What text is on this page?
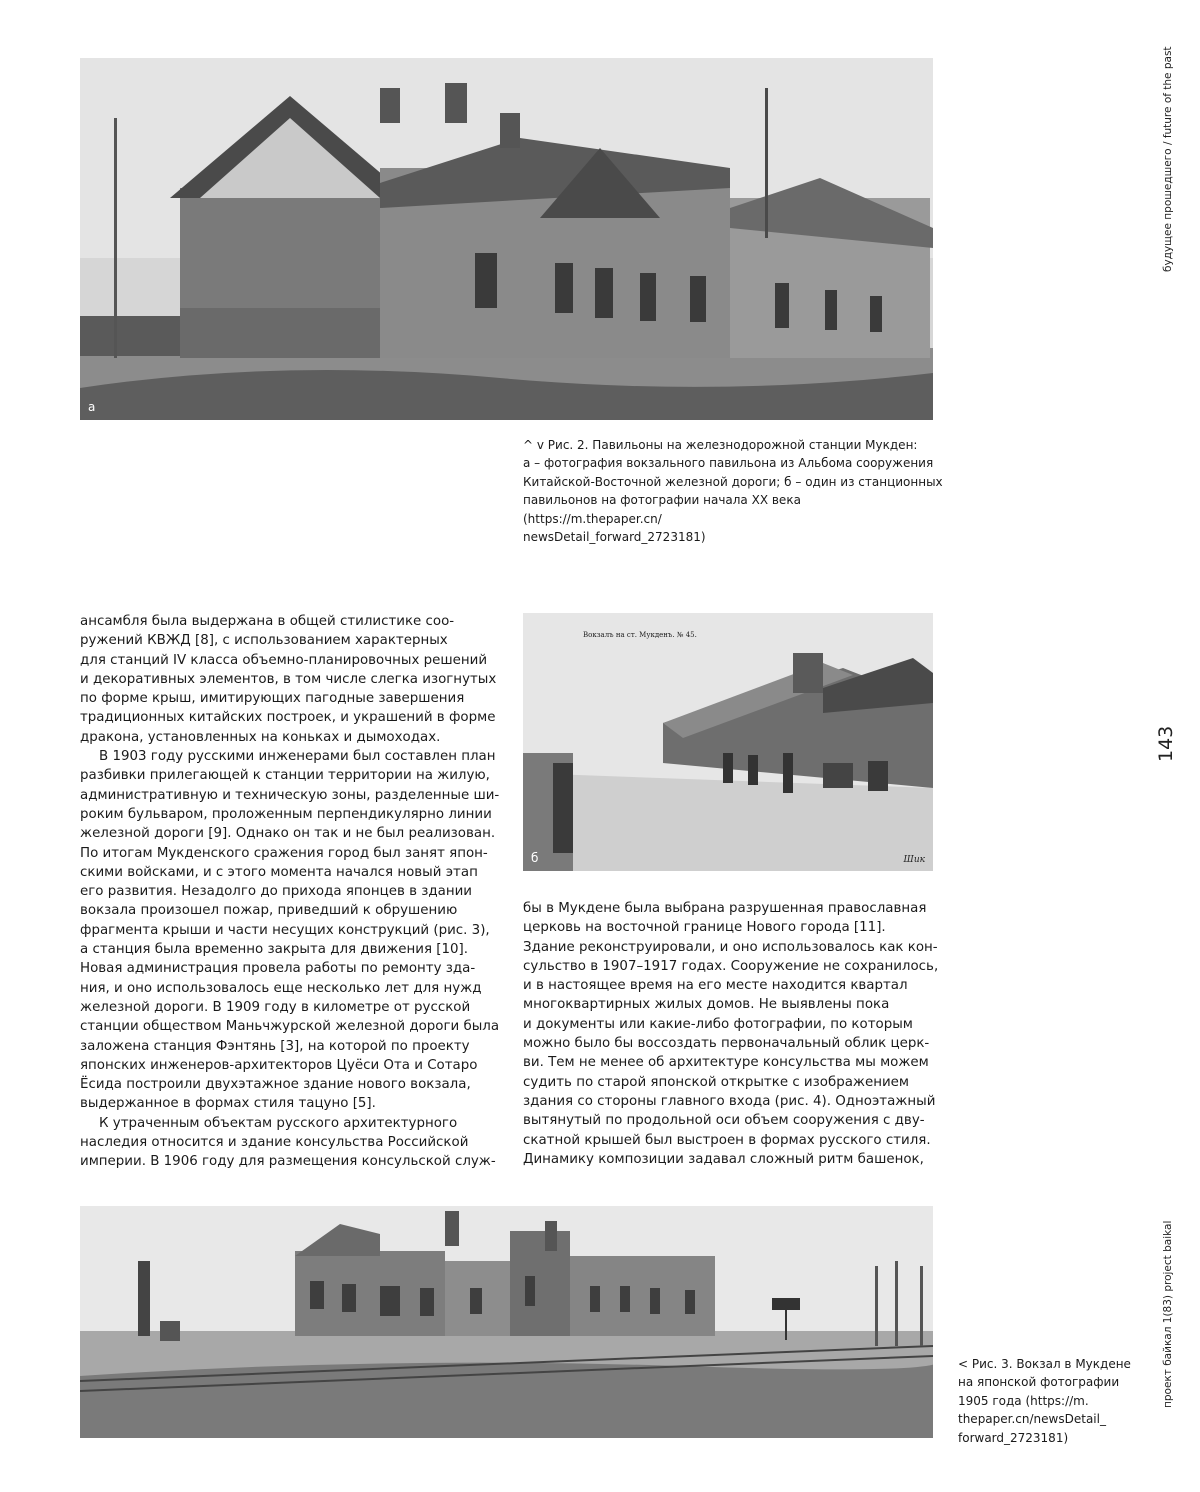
а

^ v Рис. 2. Павильоны на железнодорожной станции Мукден:

а – фотография вокзального павильона из Альбома сооружения

Китайской-Восточной железной дороги; б – один из станционных

павильонов на фотографии начала ХХ века (https://m.thepaper.cn/

newsDetail_forward_2723181)

будущее прошедшего / future of the past
143
проект байкал 1(83) project baikal

ансамбля была выдержана в общей стилистике соо-

ружений КВЖД [8], с использованием характерных

для станций IV класса объемно-планировочных решений

и декоративных элементов, в том числе слегка изогнутых

по форме крыш, имитирующих пагодные завершения

традиционных китайских построек, и украшений в форме

дракона, установленных на коньках и дымоходах.

В 1903 году русскими инженерами был составлен план

разбивки прилегающей к станции территории на жилую,

административную и техническую зоны, разделенные ши-

роким бульваром, проложенным перпендикулярно линии

железной дороги [9]. Однако он так и не был реализован.

По итогам Мукденского сражения город был занят япон-

скими войсками, и с этого момента начался новый этап

его развития. Незадолго до прихода японцев в здании

вокзала произошел пожар, приведший к обрушению

фрагмента крыши и части несущих конструкций (рис. 3),

а станция была временно закрыта для движения [10].

Новая администрация провела работы по ремонту зда-

ния, и оно использовалось еще несколько лет для нужд

железной дороги. В 1909 году в километре от русской

станции обществом Маньчжурской железной дороги была

заложена станция Фэнтянь [3], на которой по проекту

японских инженеров-архитекторов Цуёси Ота и Сотаро

Ёсида построили двухэтажное здание нового вокзала,

выдержанное в формах стиля тацуно [5].

К утраченным объектам русского архитектурного

наследия относится и здание консульства Российской

империи. В 1906 году для размещения консульской служ-

Вокзалъ на ст. Мукденъ. № 45.
б	Шик

бы в Мукдене была выбрана разрушенная православная

церковь на восточной границе Нового города [11].

Здание реконструировали, и оно использовалось как кон-

сульство в 1907–1917 годах. Сооружение не сохранилось,

и в настоящее время на его месте находится квартал

многоквартирных жилых домов. Не выявлены пока

и документы или какие-либо фотографии, по которым

можно было бы воссоздать первоначальный облик церк-

ви. Тем не менее об архитектуре консульства мы можем

судить по старой японской открытке с изображением

здания со стороны главного входа (рис. 4). Одноэтажный

вытянутый по продольной оси объем сооружения с дву-

скатной крышей был выстроен в формах русского стиля.

Динамику композиции задавал сложный ритм башенок,

< Рис. 3. Вокзал в Мукдене

на японской фотографии

1905 года (https://m.

thepaper.cn/newsDetail_

forward_2723181)
